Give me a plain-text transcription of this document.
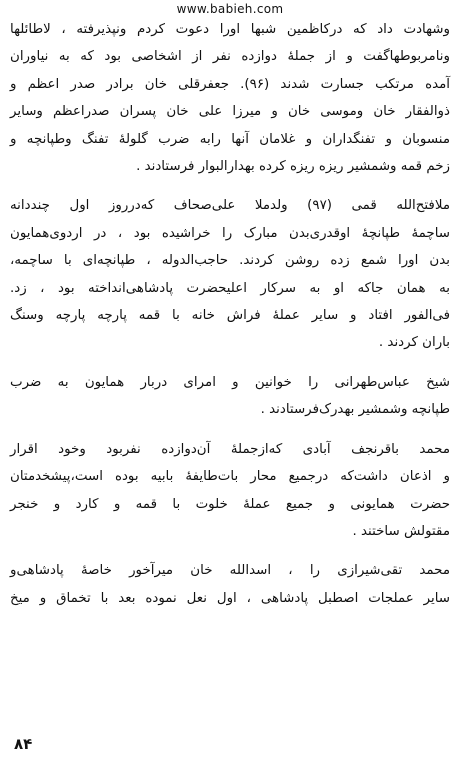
www.babieh.com

وشهادت داد که درکاظمین شبها اورا دعوت کردم ونپذیرفته ، لاطائلها
ونامربوطهاگفت و از جملهٔ دوازده نفر از اشخاصی بود که به نیاوران
آمده مرتکب جسارت شدند (۹۶). جعفرقلی خان برادر صدر اعظم و
ذوالفقار خان وموسی خان و میرزا علی خان پسران صدراعظم وسایر
منسوبان و تفنگداران و غلامان آنها رابه ضرب گلولهٔ تفنگ وطپانچه و
زخم قمه وشمشیر ریزه ریزه کرده بهدارالبوار فرستادند .

ملافتح‌الله قمی (۹۷) ولدملا علی‌صحاف که‌درروز اول چنددانه
ساچمهٔ طپانچهٔ اوقدری‌بدن مبارک را خراشیده بود ، در اردوی‌همایون
بدن اورا شمع زده روشن کردند. حاجب‌الدوله ، طپانچه‌ای با ساچمه،
به همان جاکه او به سرکار اعلیحضرت پادشاهی‌انداخته بود ، زد.
فی‌الفور افتاد و سایر عملهٔ فراش خانه با قمه پارچه پارچه وسنگ
باران کردند .

شیخ عباس‌طهرانی را خوانین و امرای دربار همایون به ضرب
طپانچه وشمشیر بهدرک‌فرستادند .

محمد باقرنجف آبادی که‌ازجملهٔ آن‌دوازده نفربود وخود اقرار
و اذعان داشت‌که درجمیع محار بات‌طایفهٔ بابیه بوده است،پیشخدمتان
حضرت همایونی و جمیع عملهٔ خلوت با قمه و کارد و خنجر
مقتولش ساختند .

محمد تقی‌شیرازی را ، اسدالله خان میرآخور خاصهٔ پادشاهی‌و
سایر عملجات اصطبل پادشاهی ، اول نعل نموده بعد با تخماق و میخ

۸۴
